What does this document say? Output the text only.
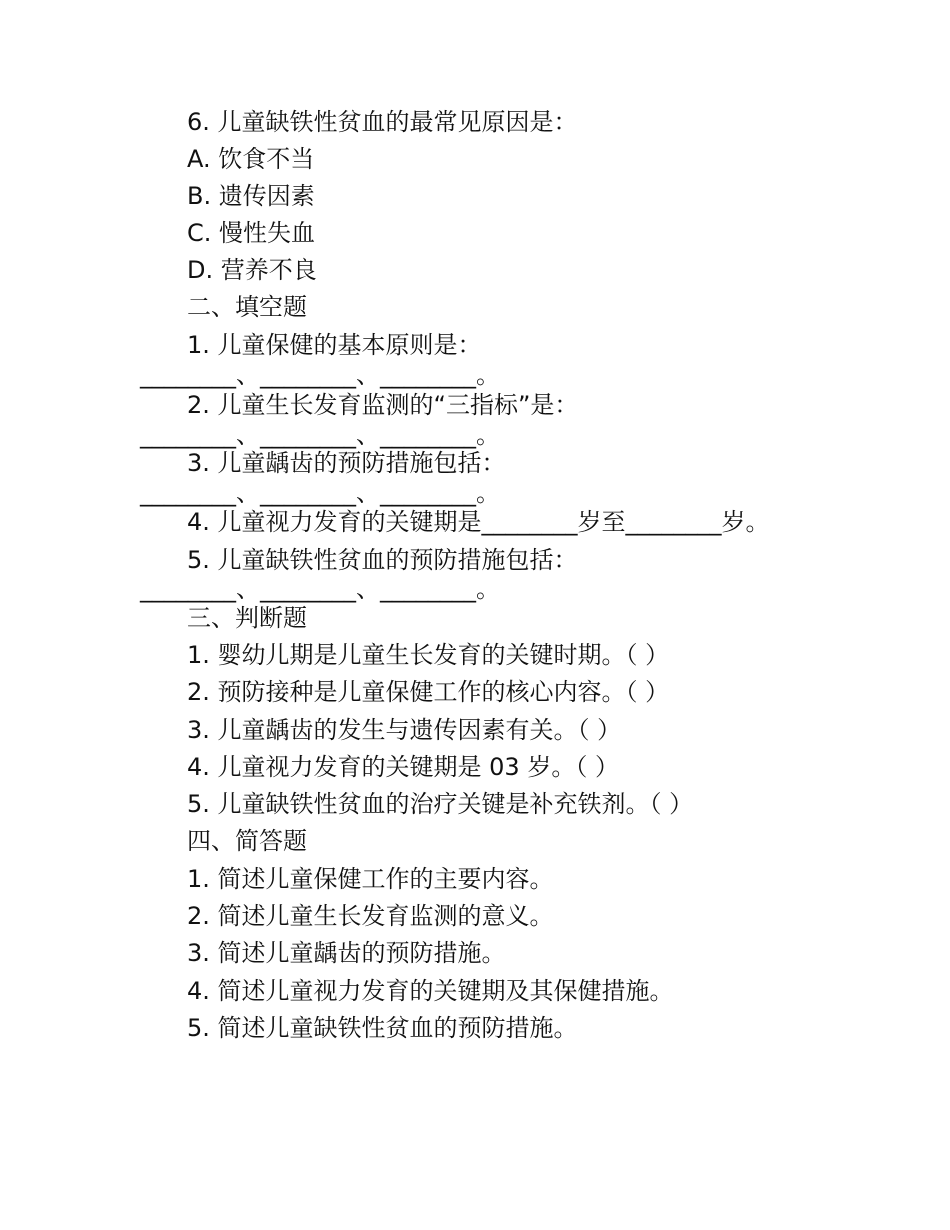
6. 儿童缺铁性贫血的最常见原因是：
A. 饮食不当
B. 遗传因素
C. 慢性失血
D. 营养不良
二、填空题
1. 儿童保健的基本原则是：
________、________、________。
2. 儿童生长发育监测的“三指标”是：
________、________、________。
3. 儿童龋齿的预防措施包括：
________、________、________。
4. 儿童视力发育的关键期是________岁至________岁。
5. 儿童缺铁性贫血的预防措施包括：
________、________、________。
三、判断题
1. 婴幼儿期是儿童生长发育的关键时期。（ ）
2. 预防接种是儿童保健工作的核心内容。（ ）
3. 儿童龋齿的发生与遗传因素有关。（ ）
4. 儿童视力发育的关键期是 03 岁。（ ）
5. 儿童缺铁性贫血的治疗关键是补充铁剂。（ ）
四、简答题
1. 简述儿童保健工作的主要内容。
2. 简述儿童生长发育监测的意义。
3. 简述儿童龋齿的预防措施。
4. 简述儿童视力发育的关键期及其保健措施。
5. 简述儿童缺铁性贫血的预防措施。
